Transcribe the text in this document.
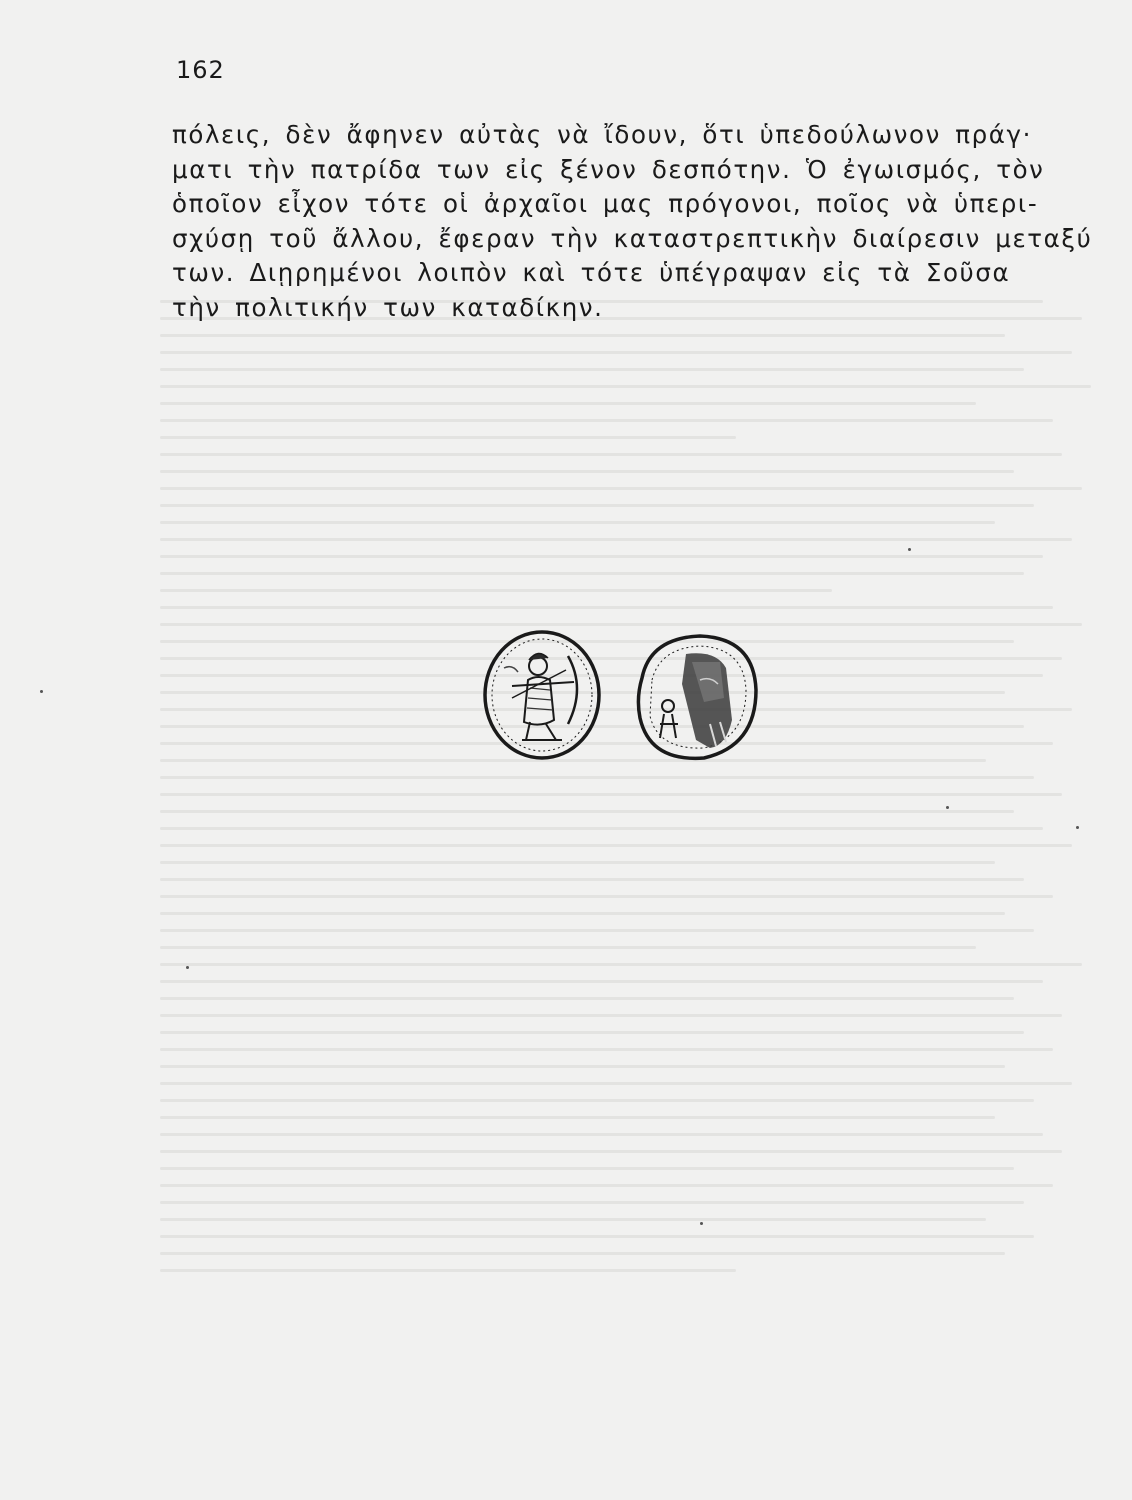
162
πόλεις, δὲν ἄφηνεν αὐτὰς νὰ ἴδουν, ὅτι ὑπεδούλωνον πράγ·
ματι τὴν πατρίδα των εἰς ξένον δεσπότην. Ὁ ἐγωισμός, τὸν
ὁποῖον εἶχον τότε οἱ ἀρχαῖοι μας πρόγονοι, ποῖος νὰ ὑπερι-
σχύσῃ τοῦ ἄλλου, ἔφεραν τὴν καταστρεπτικὴν διαίρεσιν μεταξύ
των. Διῃρημένοι λοιπὸν καὶ τότε ὑπέγραψαν εἰς τὰ Σοῦσα
τὴν πολιτικήν των καταδίκην.
